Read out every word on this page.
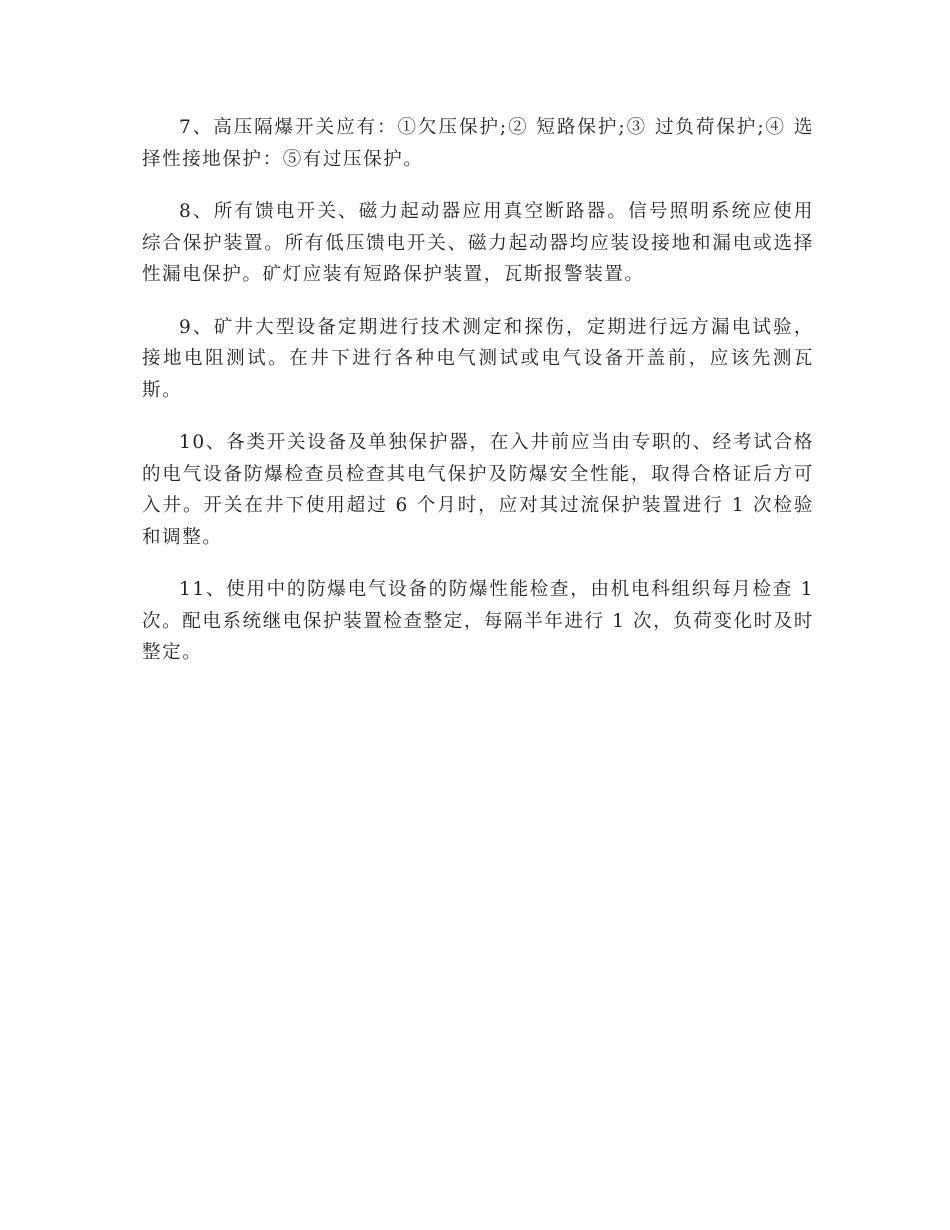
7、高压隔爆开关应有：①欠压保护;② 短路保护;③ 过负荷保护;④ 选择性接地保护：⑤有过压保护。

8、所有馈电开关、磁力起动器应用真空断路器。信号照明系统应使用综合保护装置。所有低压馈电开关、磁力起动器均应装设接地和漏电或选择性漏电保护。矿灯应装有短路保护装置，瓦斯报警装置。

9、矿井大型设备定期进行技术测定和探伤，定期进行远方漏电试验，接地电阻测试。在井下进行各种电气测试或电气设备开盖前，应该先测瓦斯。

10、各类开关设备及单独保护器，在入井前应当由专职的、经考试合格的电气设备防爆检查员检查其电气保护及防爆安全性能，取得合格证后方可入井。开关在井下使用超过 6 个月时，应对其过流保护装置进行 1 次检验和调整。

11、使用中的防爆电气设备的防爆性能检查，由机电科组织每月检查 1 次。配电系统继电保护装置检查整定，每隔半年进行 1 次，负荷变化时及时整定。
